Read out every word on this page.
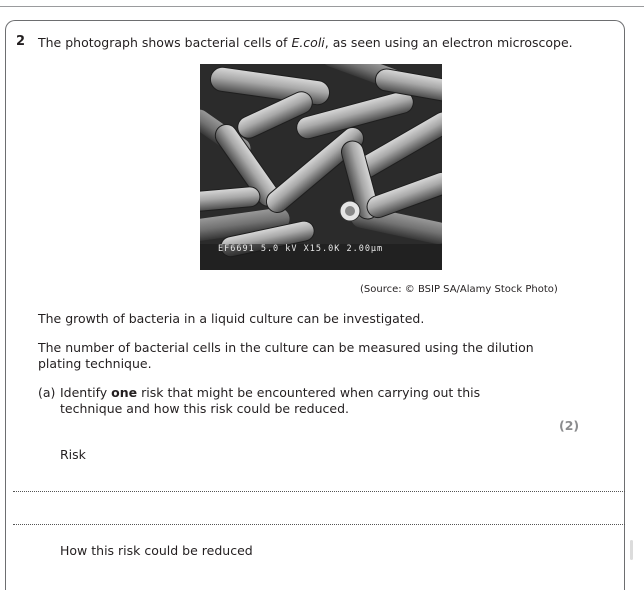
2 The photograph shows bacterial cells of E.coli, as seen using an electron microscope.
EF6691 5.0 kV X15.0K 2.00µm
(Source: © BSIP SA/Alamy Stock Photo)
The growth of bacteria in a liquid culture can be investigated.
The number of bacterial cells in the culture can be measured using the dilution plating technique.
(a) Identify one risk that might be encountered when carrying out this technique and how this risk could be reduced.
(2)
Risk
How this risk could be reduced
